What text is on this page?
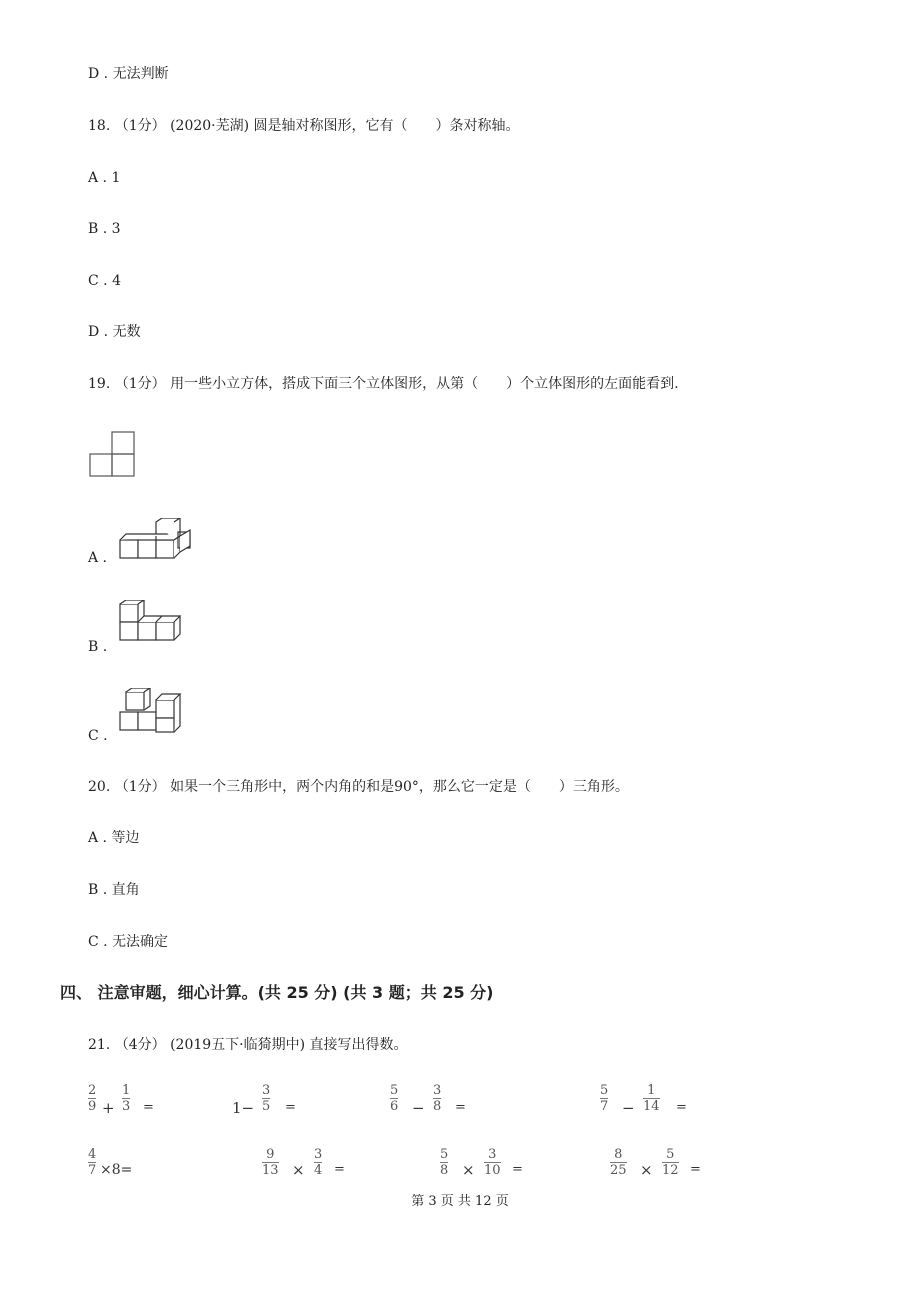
D . 无法判断
18. （1分） (2020·芜湖) 圆是轴对称图形，它有（　　）条对称轴。
A . 1
B . 3
C . 4
D . 无数
19. （1分） 用一些小立方体，搭成下面三个立体图形，从第（　　）个立体图形的左面能看到.
A .
B .
C .
20. （1分） 如果一个三角形中，两个内角的和是90°，那么它一定是（　　）三角形。
A . 等边
B . 直角
C . 无法确定
四、 注意审题，细心计算。(共 25 分) (共 3 题；共 25 分)
21. （4分） (2019五下·临猗期中) 直接写出得数。
2
9 +
1
3 =	1−
3
5 =
5
6 −
3
8 =
5
7 −
1
14 =
4
7 ×8=
9
13 ×
3
4 =
5
8 ×
3
10 =
8
25 ×
5
12 =
第 3 页 共 12 页
